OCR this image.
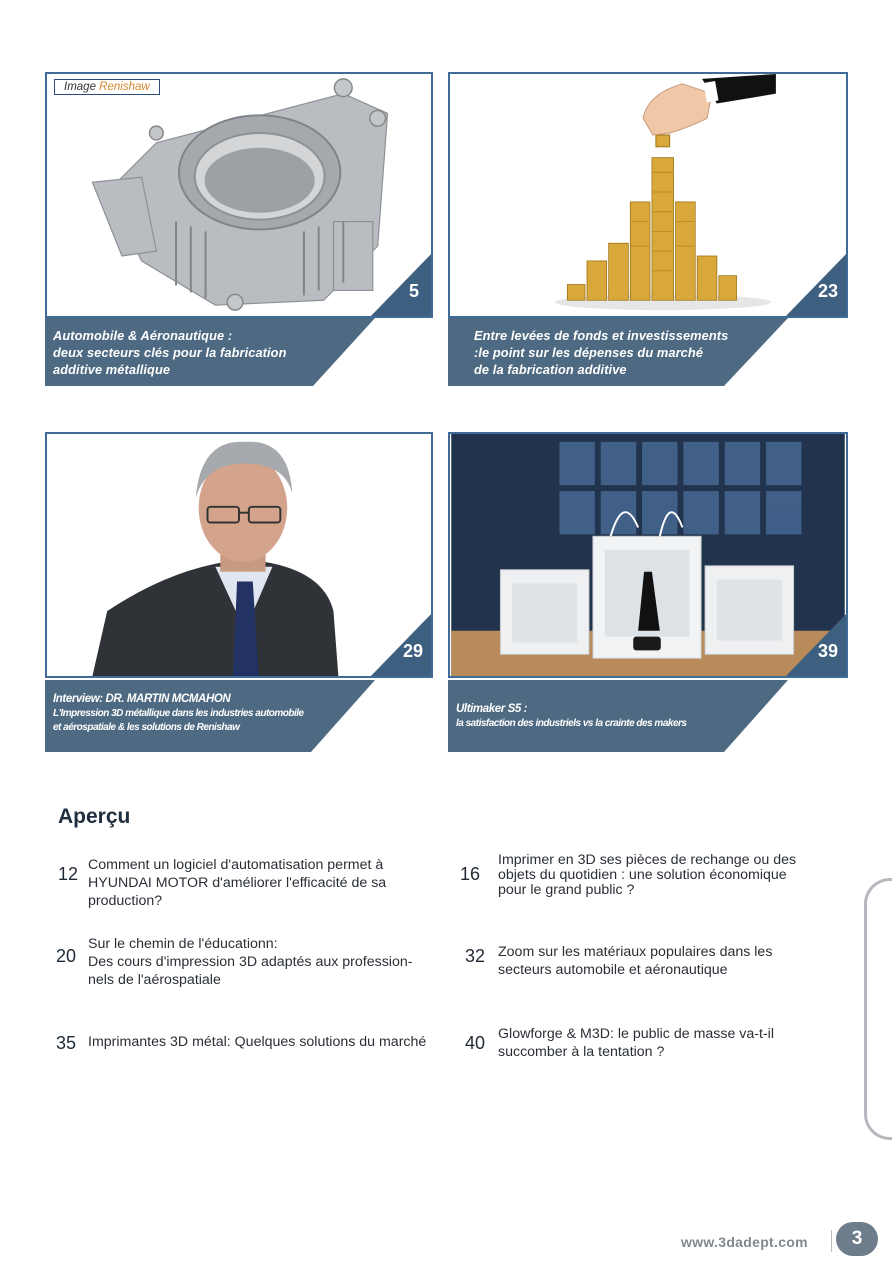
Image Renishaw
5
Automobile & Aéronautique :
deux secteurs clés pour la fabrication
additive métallique
23
Entre levées de fonds et investissements
:le point sur les dépenses du marché
de la fabrication additive
29
Interview: DR. MARTIN MCMAHON
L'Impression 3D métallique dans les industries automobile
et aérospatiale & les solutions de Renishaw
39
Ultimaker S5 :
la satisfaction des industriels vs la crainte des makers
Aperçu
12 Comment un logiciel d'automatisation permet à
HYUNDAI MOTOR d'améliorer l'efficacité de sa
production?
16
Imprimer en 3D ses pièces de rechange ou des
objets du quotidien : une solution économique
pour le grand public ?
20
Sur le chemin de l'éducationn:
Des cours d'impression 3D adaptés aux profession-
nels de l'aérospatiale
32 Zoom sur les matériaux populaires dans les
secteurs automobile et aéronautique
35 Imprimantes 3D métal: Quelques solutions du marché 40 Glowforge & M3D: le public de masse va-t-il
succomber à la tentation ?
www.3dadept.com	3
